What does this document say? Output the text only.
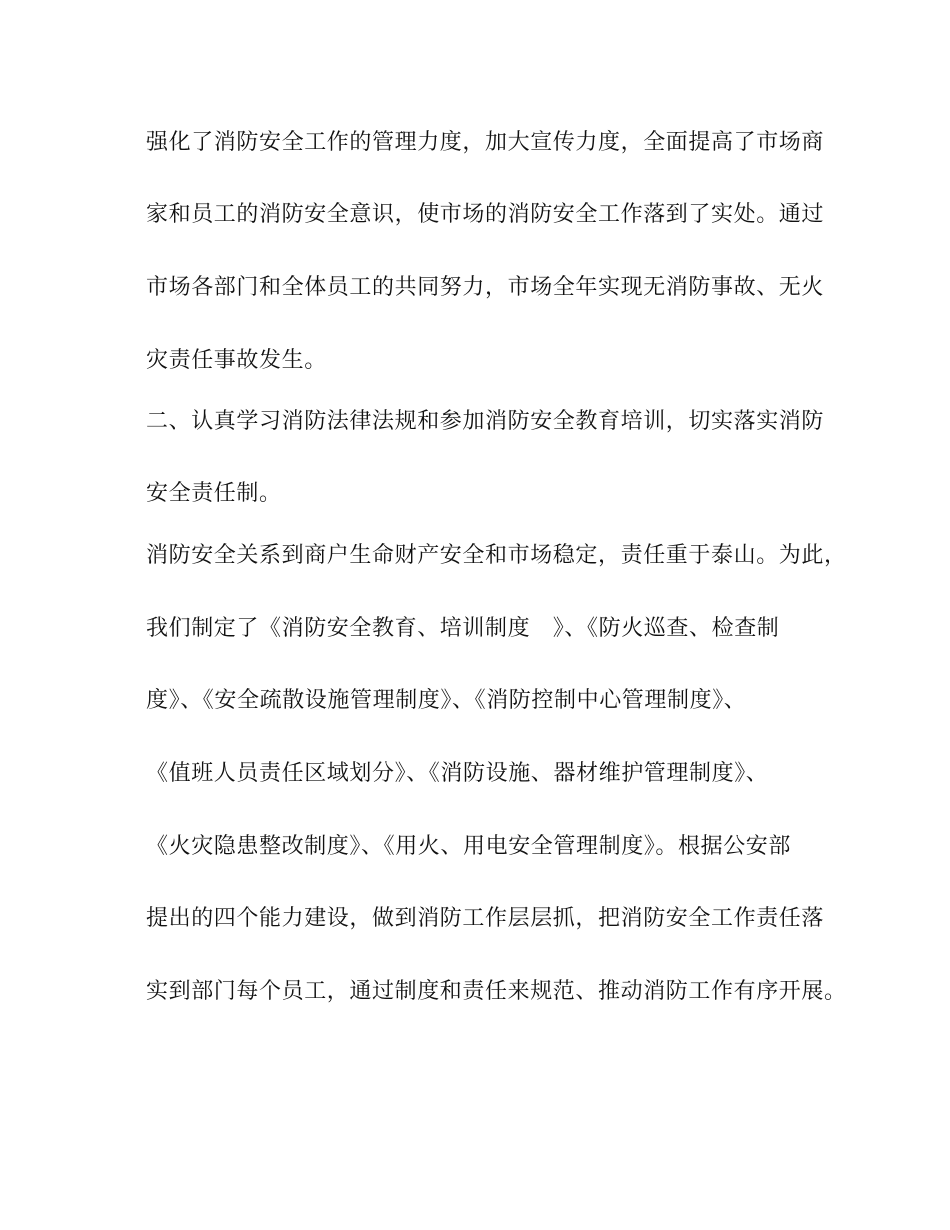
强化了消防安全工作的管理力度，加大宣传力度，全面提高了市场商

家和员工的消防安全意识，使市场的消防安全工作落到了实处。通过

市场各部门和全体员工的共同努力，市场全年实现无消防事故、无火

灾责任事故发生。

二、认真学习消防法律法规和参加消防安全教育培训，切实落实消防

安全责任制。

消防安全关系到商户生命财产安全和市场稳定，责任重于泰山。为此，

我们制定了《消防安全教育、培训制度　》、《防火巡查、检查制

度》、《安全疏散设施管理制度》、《消防控制中心管理制度》、

《值班人员责任区域划分》、《消防设施、器材维护管理制度》、

《火灾隐患整改制度》、《用火、用电安全管理制度》。根据公安部

提出的四个能力建设，做到消防工作层层抓，把消防安全工作责任落

实到部门每个员工，通过制度和责任来规范、推动消防工作有序开展。
